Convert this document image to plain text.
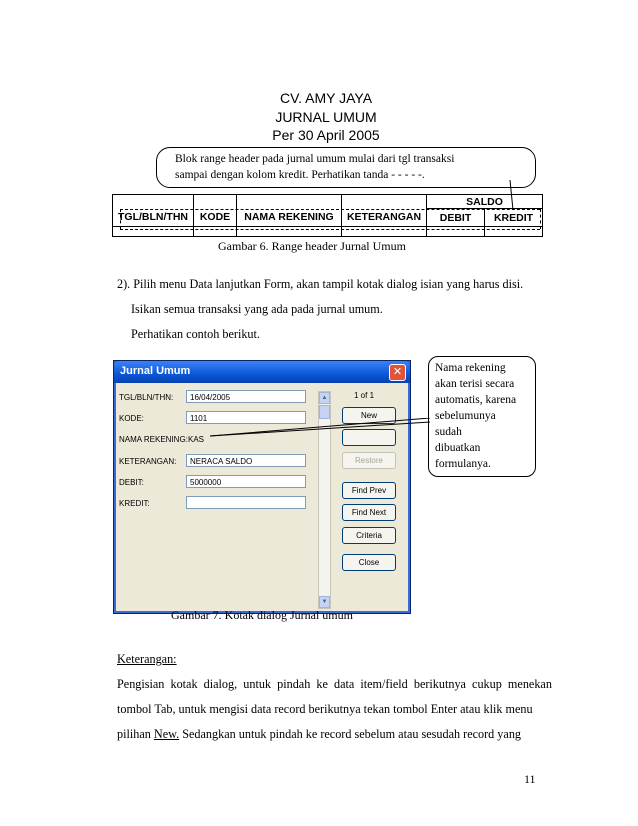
CV. AMY JAYA
JURNAL UMUM
Per 30 April 2005
				SALDO	
TGL/BLN/THN	KODE	NAMA REKENING	KETERANGAN	DEBIT	KREDIT

Blok range header pada jurnal umum mulai dari tgl transaksi
sampai dengan kolom kredit. Perhatikan tanda - - - - -.
Gambar 6. Range header Jurnal Umum
2). Pilih menu Data lanjutkan Form, akan tampil kotak dialog isian yang harus disi.
Isikan semua transaksi yang ada pada jurnal umum.
Perhatikan contoh berikut.
Jurnal Umum	✕
TGL/BLN/THN:	16/04/2005
KODE:	1101
NAMA REKENING: KAS
KETERANGAN:	NERACA SALDO
DEBIT:	5000000
KREDIT:
▲
▼
1 of 1
New
Restore
Find Prev
Find Next
Criteria
Close
Nama rekening
akan terisi secara
automatis, karena
sebelumunya sudah
dibuatkan
formulanya.
Gambar 7. Kotak dialog Jurnal umum
Keterangan:
Pengisian  kotak  dialog,  untuk  pindah  ke  data  item/field  berikutnya  cukup  menekan
tombol Tab, untuk mengisi data record berikutnya tekan tombol Enter atau klik menu
pilihan New. Sedangkan untuk pindah ke record sebelum atau sesudah record yang
11
